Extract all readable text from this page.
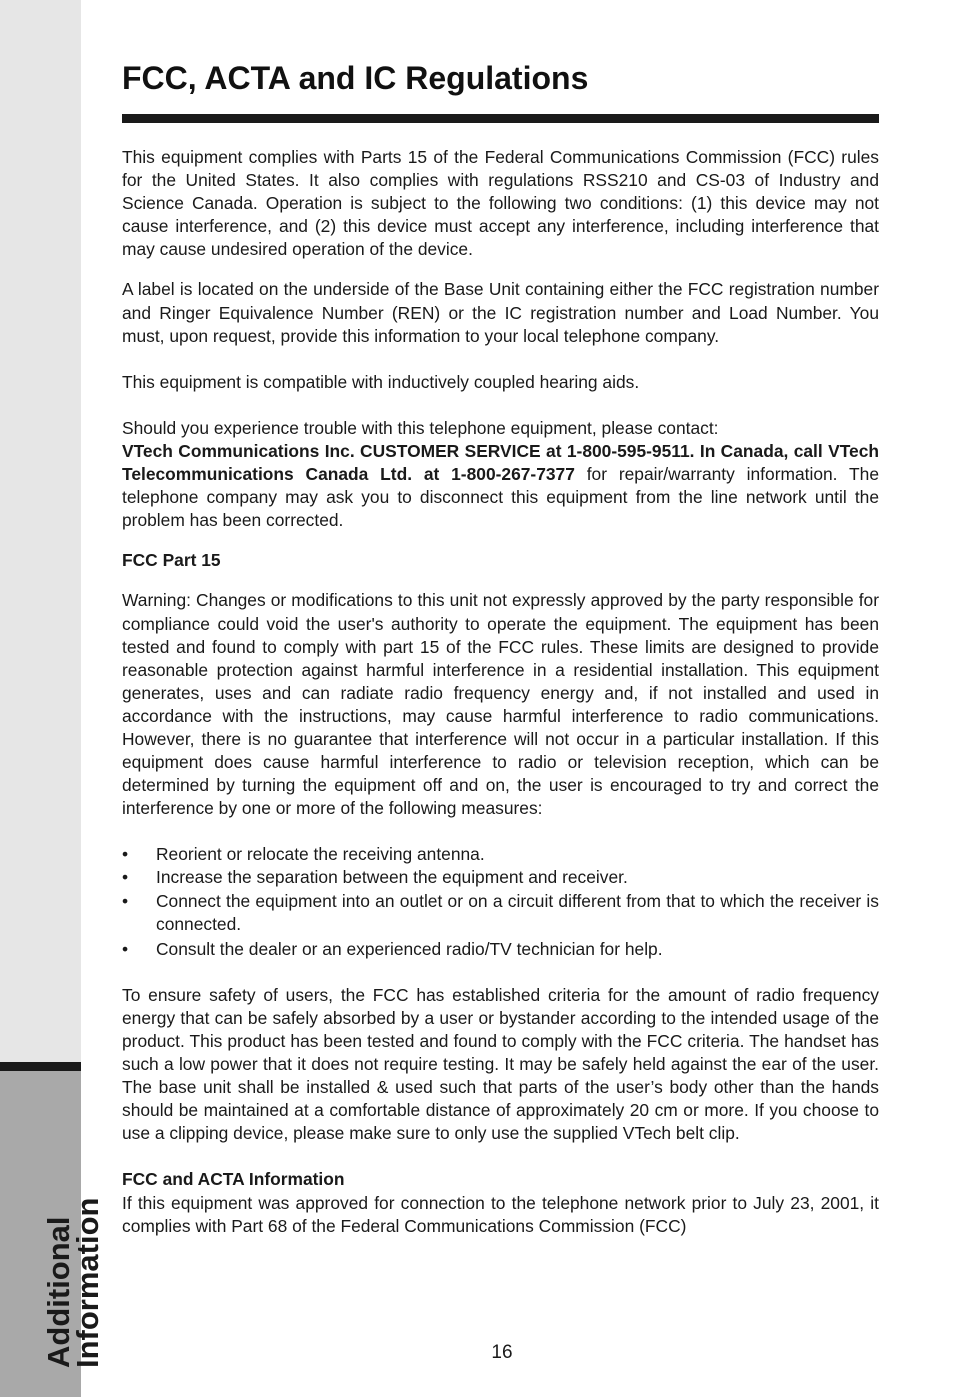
Additional
Information
FCC, ACTA and IC Regulations

This equipment complies with Parts 15 of the Federal Communications Commission (FCC) rules for the United States. It also complies with regulations RSS210 and CS-03 of Industry and Science Canada. Operation is subject to the following two conditions: (1) this device may not cause interference, and (2) this device must accept any interference, including interference that may cause undesired operation of the device.

A label is located on the underside of the Base Unit containing either the FCC registration number and Ringer Equivalence Number (REN) or the IC registration number and Load Number. You must, upon request, provide this information to your local telephone company.

This equipment is compatible with inductively coupled hearing aids.

Should you experience trouble with this telephone equipment, please contact:

VTech Communications Inc. CUSTOMER SERVICE at 1-800-595-9511. In Canada, call VTech Telecommunications Canada Ltd. at 1-800-267-7377 for repair/warranty information. The telephone company may ask you to disconnect this equipment from the line network until the problem has been corrected.

FCC Part 15

Warning: Changes or modifications to this unit not expressly approved by the party responsible for compliance could void the user's authority to operate the equipment. The equipment has been tested and found to comply with part 15 of the FCC rules. These limits are designed to provide reasonable protection against harmful interference in a residential installation. This equipment generates, uses and can radiate radio frequency energy and, if not installed and used in accordance with the instructions, may cause harmful interference to radio communications. However, there is no guarantee that interference will not occur in a particular installation. If this equipment does cause harmful interference to radio or television reception, which can be determined by turning the equipment off and on, the user is encouraged to try and correct the interference by one or more of the following measures:

• Reorient or relocate the receiving antenna.
• Increase the separation between the equipment and receiver.
• Connect the equipment into an outlet or on a circuit different from that to which the receiver is connected.
• Consult the dealer or an experienced radio/TV technician for help.

To ensure safety of users, the FCC has established criteria for the amount of radio frequency energy that can be safely absorbed by a user or bystander according to the intended usage of the product. This product has been tested and found to comply with the FCC criteria. The handset has such a low power that it does not require testing. It may be safely held against the ear of the user. The base unit shall be installed & used such that parts of the user’s body other than the hands should be maintained at a comfortable distance of approximately 20 cm or more. If you choose to use a clipping device, please make sure to only use the supplied VTech belt clip.

FCC and ACTA Information

If this equipment was approved for connection to the telephone network prior to July 23, 2001, it complies with Part 68 of the Federal Communications Commission (FCC)

16
